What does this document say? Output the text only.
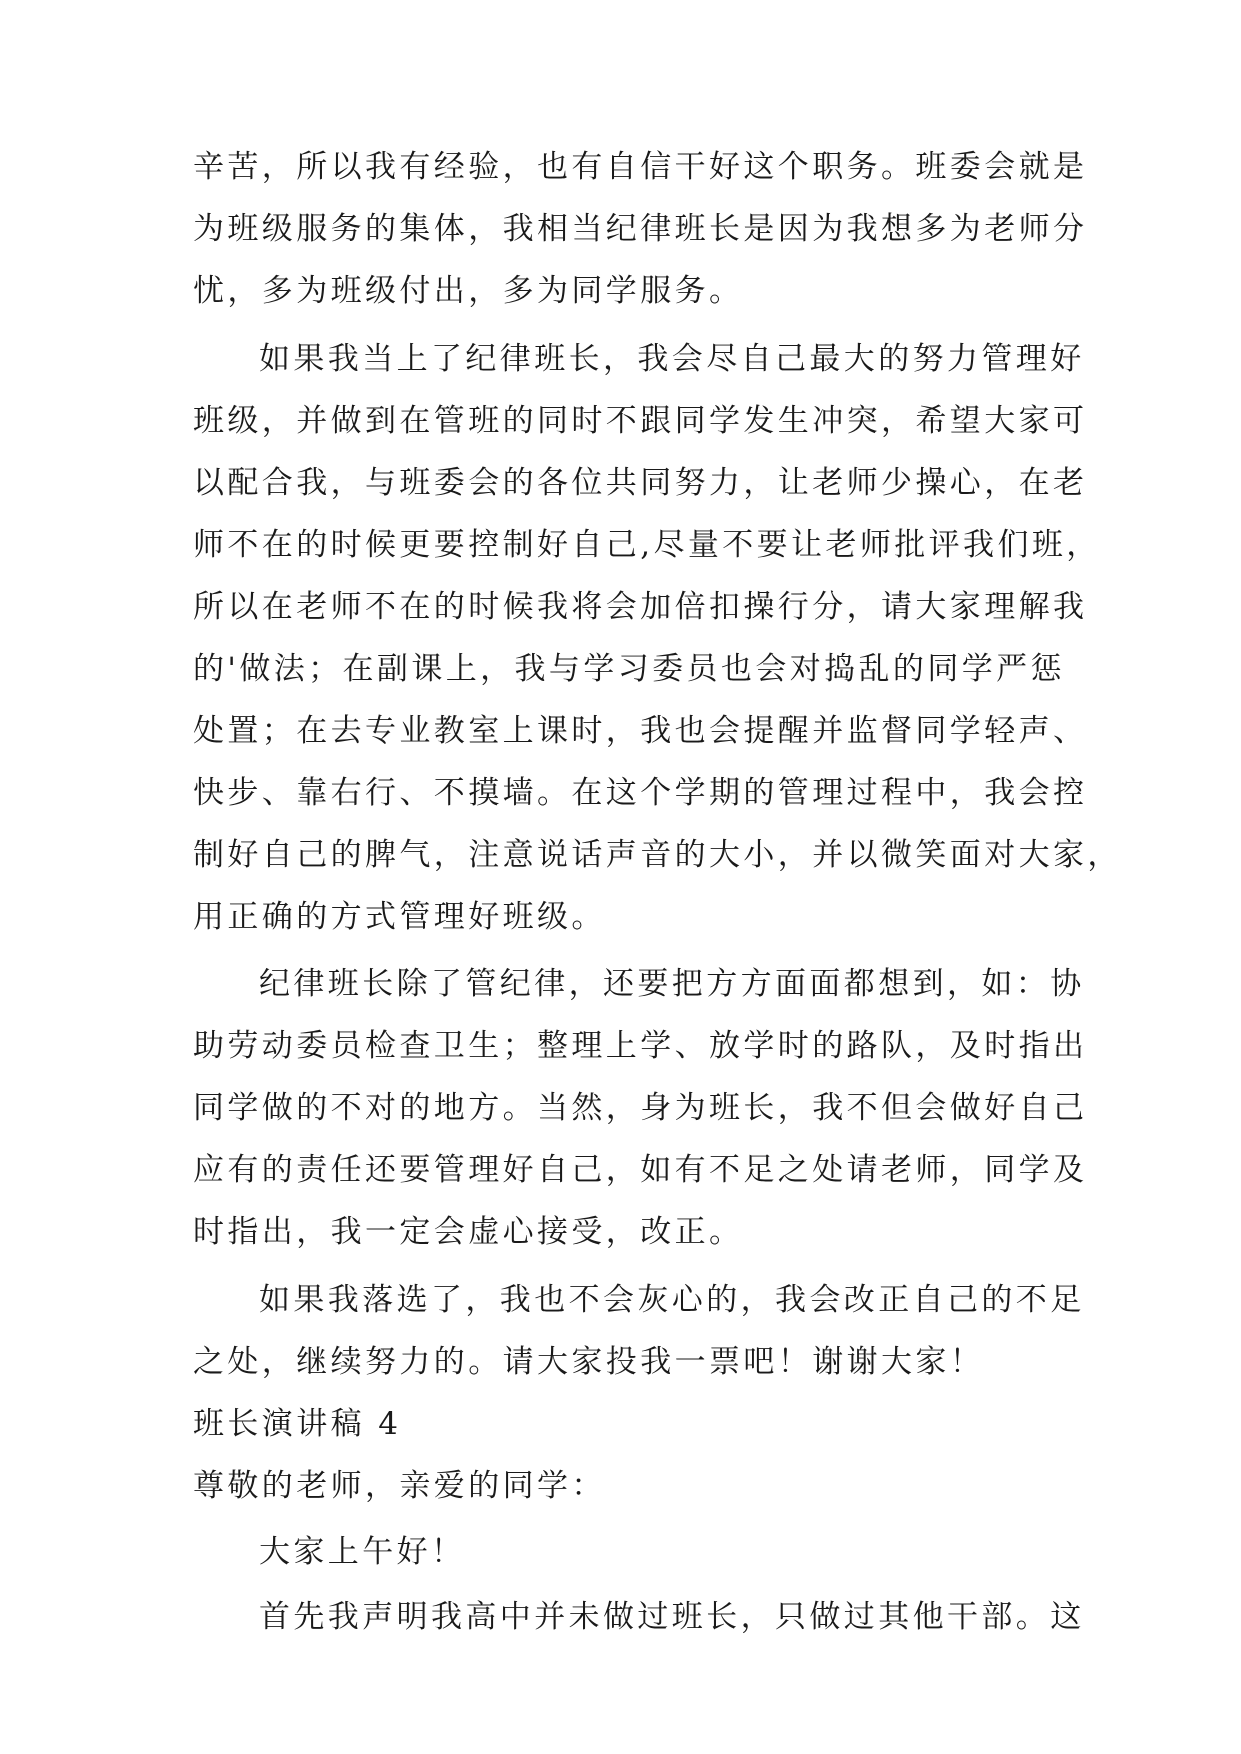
辛苦，所以我有经验，也有自信干好这个职务。班委会就是
为班级服务的集体，我相当纪律班长是因为我想多为老师分
忧，多为班级付出，多为同学服务。
如果我当上了纪律班长，我会尽自己最大的努力管理好
班级，并做到在管班的同时不跟同学发生冲突，希望大家可
以配合我，与班委会的各位共同努力，让老师少操心，在老
师不在的时候更要控制好自己,尽量不要让老师批评我们班，
所以在老师不在的时候我将会加倍扣操行分，请大家理解我
的'做法；在副课上，我与学习委员也会对捣乱的同学严惩
处置；在去专业教室上课时，我也会提醒并监督同学轻声、
快步、靠右行、不摸墙。在这个学期的管理过程中，我会控
制好自己的脾气，注意说话声音的大小，并以微笑面对大家，
用正确的方式管理好班级。
纪律班长除了管纪律，还要把方方面面都想到，如：协
助劳动委员检查卫生；整理上学、放学时的路队，及时指出
同学做的不对的地方。当然，身为班长，我不但会做好自己
应有的责任还要管理好自己，如有不足之处请老师，同学及
时指出，我一定会虚心接受，改正。
如果我落选了，我也不会灰心的，我会改正自己的不足
之处，继续努力的。请大家投我一票吧！谢谢大家！
班长演讲稿 4
尊敬的老师，亲爱的同学：
大家上午好！
首先我声明我高中并未做过班长，只做过其他干部。这
